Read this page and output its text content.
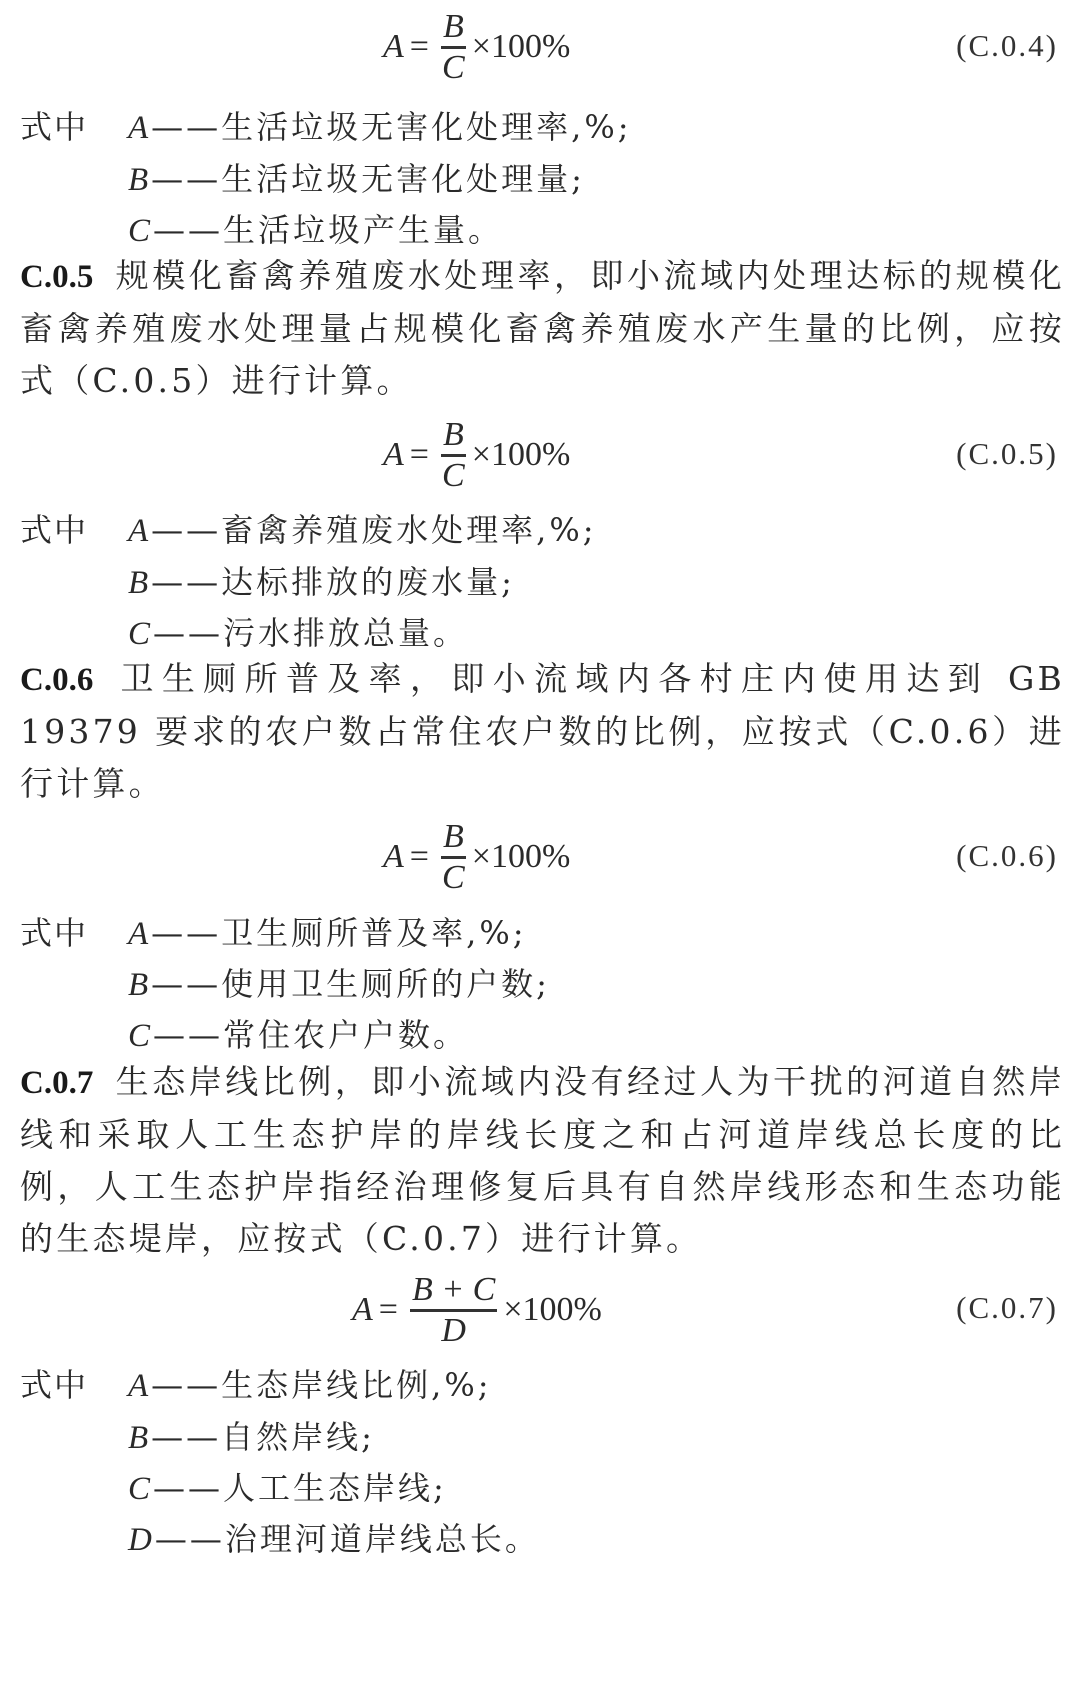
$A = \frac{B}{C} \times 100\%$	(C.0.4)
式中 A——生活垃圾无害化处理率,%;
B——生活垃圾无害化处理量;
C——生活垃圾产生量。
C.0.5 规模化畜禽养殖废水处理率，即小流域内处理达标的规模化畜禽养殖废水处理量占规模化畜禽养殖废水产生量的比例，应按式（C.0.5）进行计算。
$A = \frac{B}{C} \times 100\%$	(C.0.5)
式中 A——畜禽养殖废水处理率,%;
B——达标排放的废水量;
C——污水排放总量。
C.0.6 卫生厕所普及率，即小流域内各村庄内使用达到 GB 19379 要求的农户数占常住农户数的比例，应按式（C.0.6）进行计算。
$A = \frac{B}{C} \times 100\%$	(C.0.6)
式中 A——卫生厕所普及率,%;
B——使用卫生厕所的户数;
C——常住农户户数。
C.0.7 生态岸线比例，即小流域内没有经过人为干扰的河道自然岸线和采取人工生态护岸的岸线长度之和占河道岸线总长度的比例，人工生态护岸指经治理修复后具有自然岸线形态和生态功能的生态堤岸，应按式（C.0.7）进行计算。
$A = \frac{B + C}{D} \times 100\%$	(C.0.7)
式中 A——生态岸线比例,%;
B——自然岸线;
C——人工生态岸线;
D——治理河道岸线总长。
